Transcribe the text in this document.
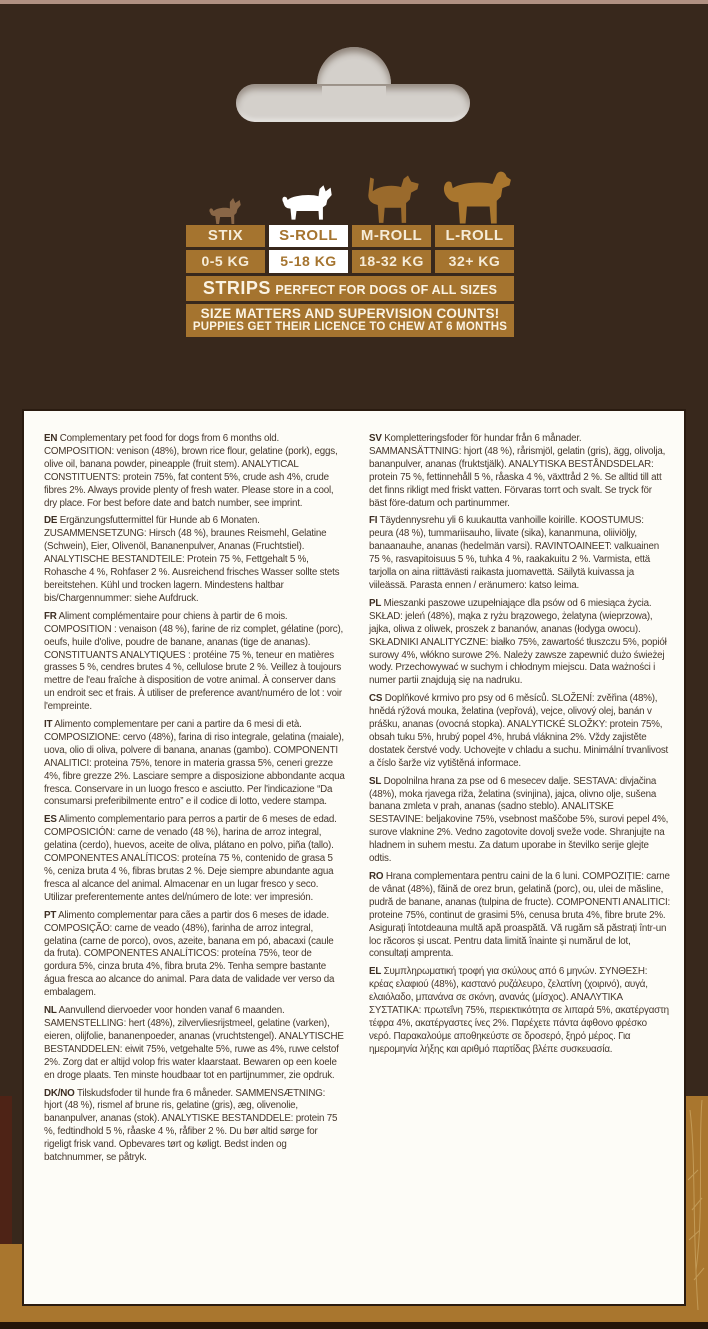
STIX	S-ROLL	M-ROLL	L-ROLL
0-5 KG	5-18 KG	18-32 KG	32+ KG
STRIPS PERFECT FOR DOGS OF ALL SIZES
SIZE MATTERS AND SUPERVISION COUNTS!
PUPPIES GET THEIR LICENCE TO CHEW AT 6 MONTHS

EN Complementary pet food for dogs from 6 months old. COMPOSITION: venison (48%), brown rice flour, gelatine (pork), eggs, olive oil, banana powder, pineapple (fruit stem). ANALYTICAL CONSTITUENTS: protein 75%, fat content 5%, crude ash 4%, crude fibres 2%. Always provide plenty of fresh water. Please store in a cool, dry place. For best before date and batch number, see imprint.

DE Ergänzungsfuttermittel für Hunde ab 6 Monaten. ZUSAMMENSETZUNG: Hirsch (48 %), braunes Reismehl, Gelatine (Schwein), Eier, Olivenöl, Bananenpulver, Ananas (Fruchtstiel). ANALYTISCHE BESTANDTEILE: Protein 75 %, Fettgehalt 5 %, Rohasche 4 %, Rohfaser 2 %. Ausreichend frisches Wasser sollte stets bereitstehen. Kühl und trocken lagern. Mindestens haltbar bis/Chargennummer: siehe Aufdruck.

FR Aliment complémentaire pour chiens à partir de 6 mois. COMPOSITION : venaison (48 %), farine de riz complet, gélatine (porc), oeufs, huile d'olive, poudre de banane, ananas (tige de ananas). CONSTITUANTS ANALYTIQUES : protéine 75 %, teneur en matières grasses 5 %, cendres brutes 4 %, cellulose brute 2 %. Veillez à toujours mettre de l'eau fraîche à disposition de votre animal. À conserver dans un endroit sec et frais. À utiliser de preference avant/numéro de lot : voir l'empreinte.

IT Alimento complementare per cani a partire da 6 mesi di età. COMPOSIZIONE: cervo (48%), farina di riso integrale, gelatina (maiale), uova, olio di oliva, polvere di banana, ananas (gambo). COMPONENTI ANALITICI: proteina 75%, tenore in materia grassa 5%, ceneri grezze 4%, fibre grezze 2%. Lasciare sempre a disposizione abbondante acqua fresca. Conservare in un luogo fresco e asciutto. Per l'indicazione “Da consumarsi preferibilmente entro” e il codice di lotto, vedere stampa.

ES Alimento complementario para perros a partir de 6 meses de edad. COMPOSICIÓN: carne de venado (48 %), harina de arroz integral, gelatina (cerdo), huevos, aceite de oliva, plátano en polvo, piña (tallo). COMPONENTES ANALÍTICOS: proteína 75 %, contenido de grasa 5 %, ceniza bruta 4 %, fibras brutas 2 %. Deje siempre abundante agua fresca al alcance del animal. Almacenar en un lugar fresco y seco. Utilizar preferentemente antes del/número de lote: ver impresión.

PT Alimento complementar para cães a partir dos 6 meses de idade. COMPOSIÇÃO: carne de veado (48%), farinha de arroz integral, gelatina (carne de porco), ovos, azeite, banana em pó, abacaxi (caule da fruta). COMPONENTES ANALÍTICOS: proteína 75%, teor de gordura 5%, cinza bruta 4%, fibra bruta 2%. Tenha sempre bastante água fresca ao alcance do animal. Para data de validade ver verso da embalagem.

NL Aanvullend diervoeder voor honden vanaf 6 maanden. SAMENSTELLING: hert (48%), zilvervliesrijstmeel, gelatine (varken), eieren, olijfolie, bananenpoeder, ananas (vruchtstengel). ANALYTISCHE BESTANDDELEN: eiwit 75%, vetgehalte 5%, ruwe as 4%, ruwe celstof 2%. Zorg dat er altijd volop fris water klaarstaat. Bewaren op een koele en droge plaats. Ten minste houdbaar tot en partijnummer, zie opdruk.

DK/NO Tilskudsfoder til hunde fra 6 måneder. SAMMENSÆTNING: hjort (48 %), rismel af brune ris, gelatine (gris), æg, olivenolie, bananpulver, ananas (stok). ANALYTISKE BESTANDDELE: protein 75 %, fedtindhold 5 %, råaske 4 %, råfiber 2 %. Du bør altid sørge for rigeligt frisk vand. Opbevares tørt og køligt. Bedst inden og batchnummer, se påtryk.

SV Kompletteringsfoder för hundar från 6 månader. SAMMANSÄTTNING: hjort (48 %), rårismjöl, gelatin (gris), ägg, olivolja, bananpulver, ananas (fruktstjälk). ANALYTISKA BESTÅNDSDELAR: protein 75 %, fettinnehåll 5 %, råaska 4 %, växttråd 2 %. Se alltid till att det finns rikligt med friskt vatten. Förvaras torrt och svalt. Se tryck för bäst före-datum och partinummer.

FI Täydennysrehu yli 6 kuukautta vanhoille koirille. KOOSTUMUS: peura (48 %), tummariisauho, liivate (sika), kananmuna, oliiviöljy, banaanauhe, ananas (hedelmän varsi). RAVINTOAINEET: valkuainen 75 %, rasvapitoisuus 5 %, tuhka 4 %, raakakuitu 2 %. Varmista, että tarjolla on aina riittävästi raikasta juomavettä. Säilytä kuivassa ja viileässä. Parasta ennen / eränumero: katso leima.

PL Mieszanki paszowe uzupełniające dla psów od 6 miesiąca życia. SKŁAD: jeleń (48%), mąka z ryżu brązowego, żelatyna (wieprzowa), jajka, oliwa z oliwek, proszek z bananów, ananas (łodyga owocu). SKŁADNIKI ANALITYCZNE: białko 75%, zawartość tłuszczu 5%, popiół surowy 4%, włókno surowe 2%. Należy zawsze zapewnić dużo świeżej wody. Przechowywać w suchym i chłodnym miejscu. Data ważności i numer partii znajdują się na nadruku.

CS Doplňkové krmivo pro psy od 6 měsíců. SLOŽENÍ: zvěřina (48%), hnědá rýžová mouka, želatina (vepřová), vejce, olivový olej, banán v prášku, ananas (ovocná stopka). ANALYTICKÉ SLOŽKY: protein 75%, obsah tuku 5%, hrubý popel 4%, hrubá vláknina 2%. Vždy zajistěte dostatek čerstvé vody. Uchovejte v chladu a suchu. Minimální trvanlivost a číslo šarže viz vytištěná informace.

SL Dopolnilna hrana za pse od 6 mesecev dalje. SESTAVA: divjačina (48%), moka rjavega riža, želatina (svinjina), jajca, olivno olje, sušena banana zmleta v prah, ananas (sadno steblo). ANALITSKE SESTAVINE: beljakovine 75%, vsebnost maščobe 5%, surovi pepel 4%, surove vlaknine 2%. Vedno zagotovite dovolj sveže vode. Shranjujte na hladnem in suhem mestu. Za datum uporabe in številko serije glejte odtis.

RO Hrana complementara pentru caini de la 6 luni. COMPOZIȚIE: carne de vânat (48%), făină de orez brun, gelatină (porc), ou, ulei de măsline, pudră de banane, ananas (tulpina de fructe). COMPONENTI ANALITICI: proteine 75%, continut de grasimi 5%, cenusa bruta 4%, fibre brute 2%. Asigurați întotdeauna multă apă proaspătă. Vă rugăm să păstrați într-un loc răcoros și uscat. Pentru data limită înainte și numărul de lot, consultați amprenta.

EL Συμπληρωματική τροφή για σκύλους από 6 μηνών. ΣΥΝΘΕΣΗ: κρέας ελαφιού (48%), καστανό ρυζάλευρο, ζελατίνη (χοιρινό), αυγά, ελαιόλαδο, μπανάνα σε σκόνη, ανανάς (μίσχος). ΑΝΑΛΥΤΙΚΑ ΣΥΣΤΑΤΙΚΑ: πρωτεΐνη 75%, περιεκτικότητα σε λιπαρά 5%, ακατέργαστη τέφρα 4%, ακατέργαστες ίνες 2%. Παρέχετε πάντα άφθονο φρέσκο νερό. Παρακαλούμε αποθηκεύστε σε δροσερό, ξηρό μέρος. Για ημερομηνία λήξης και αριθμό παρτίδας βλέπε συσκευασία.
